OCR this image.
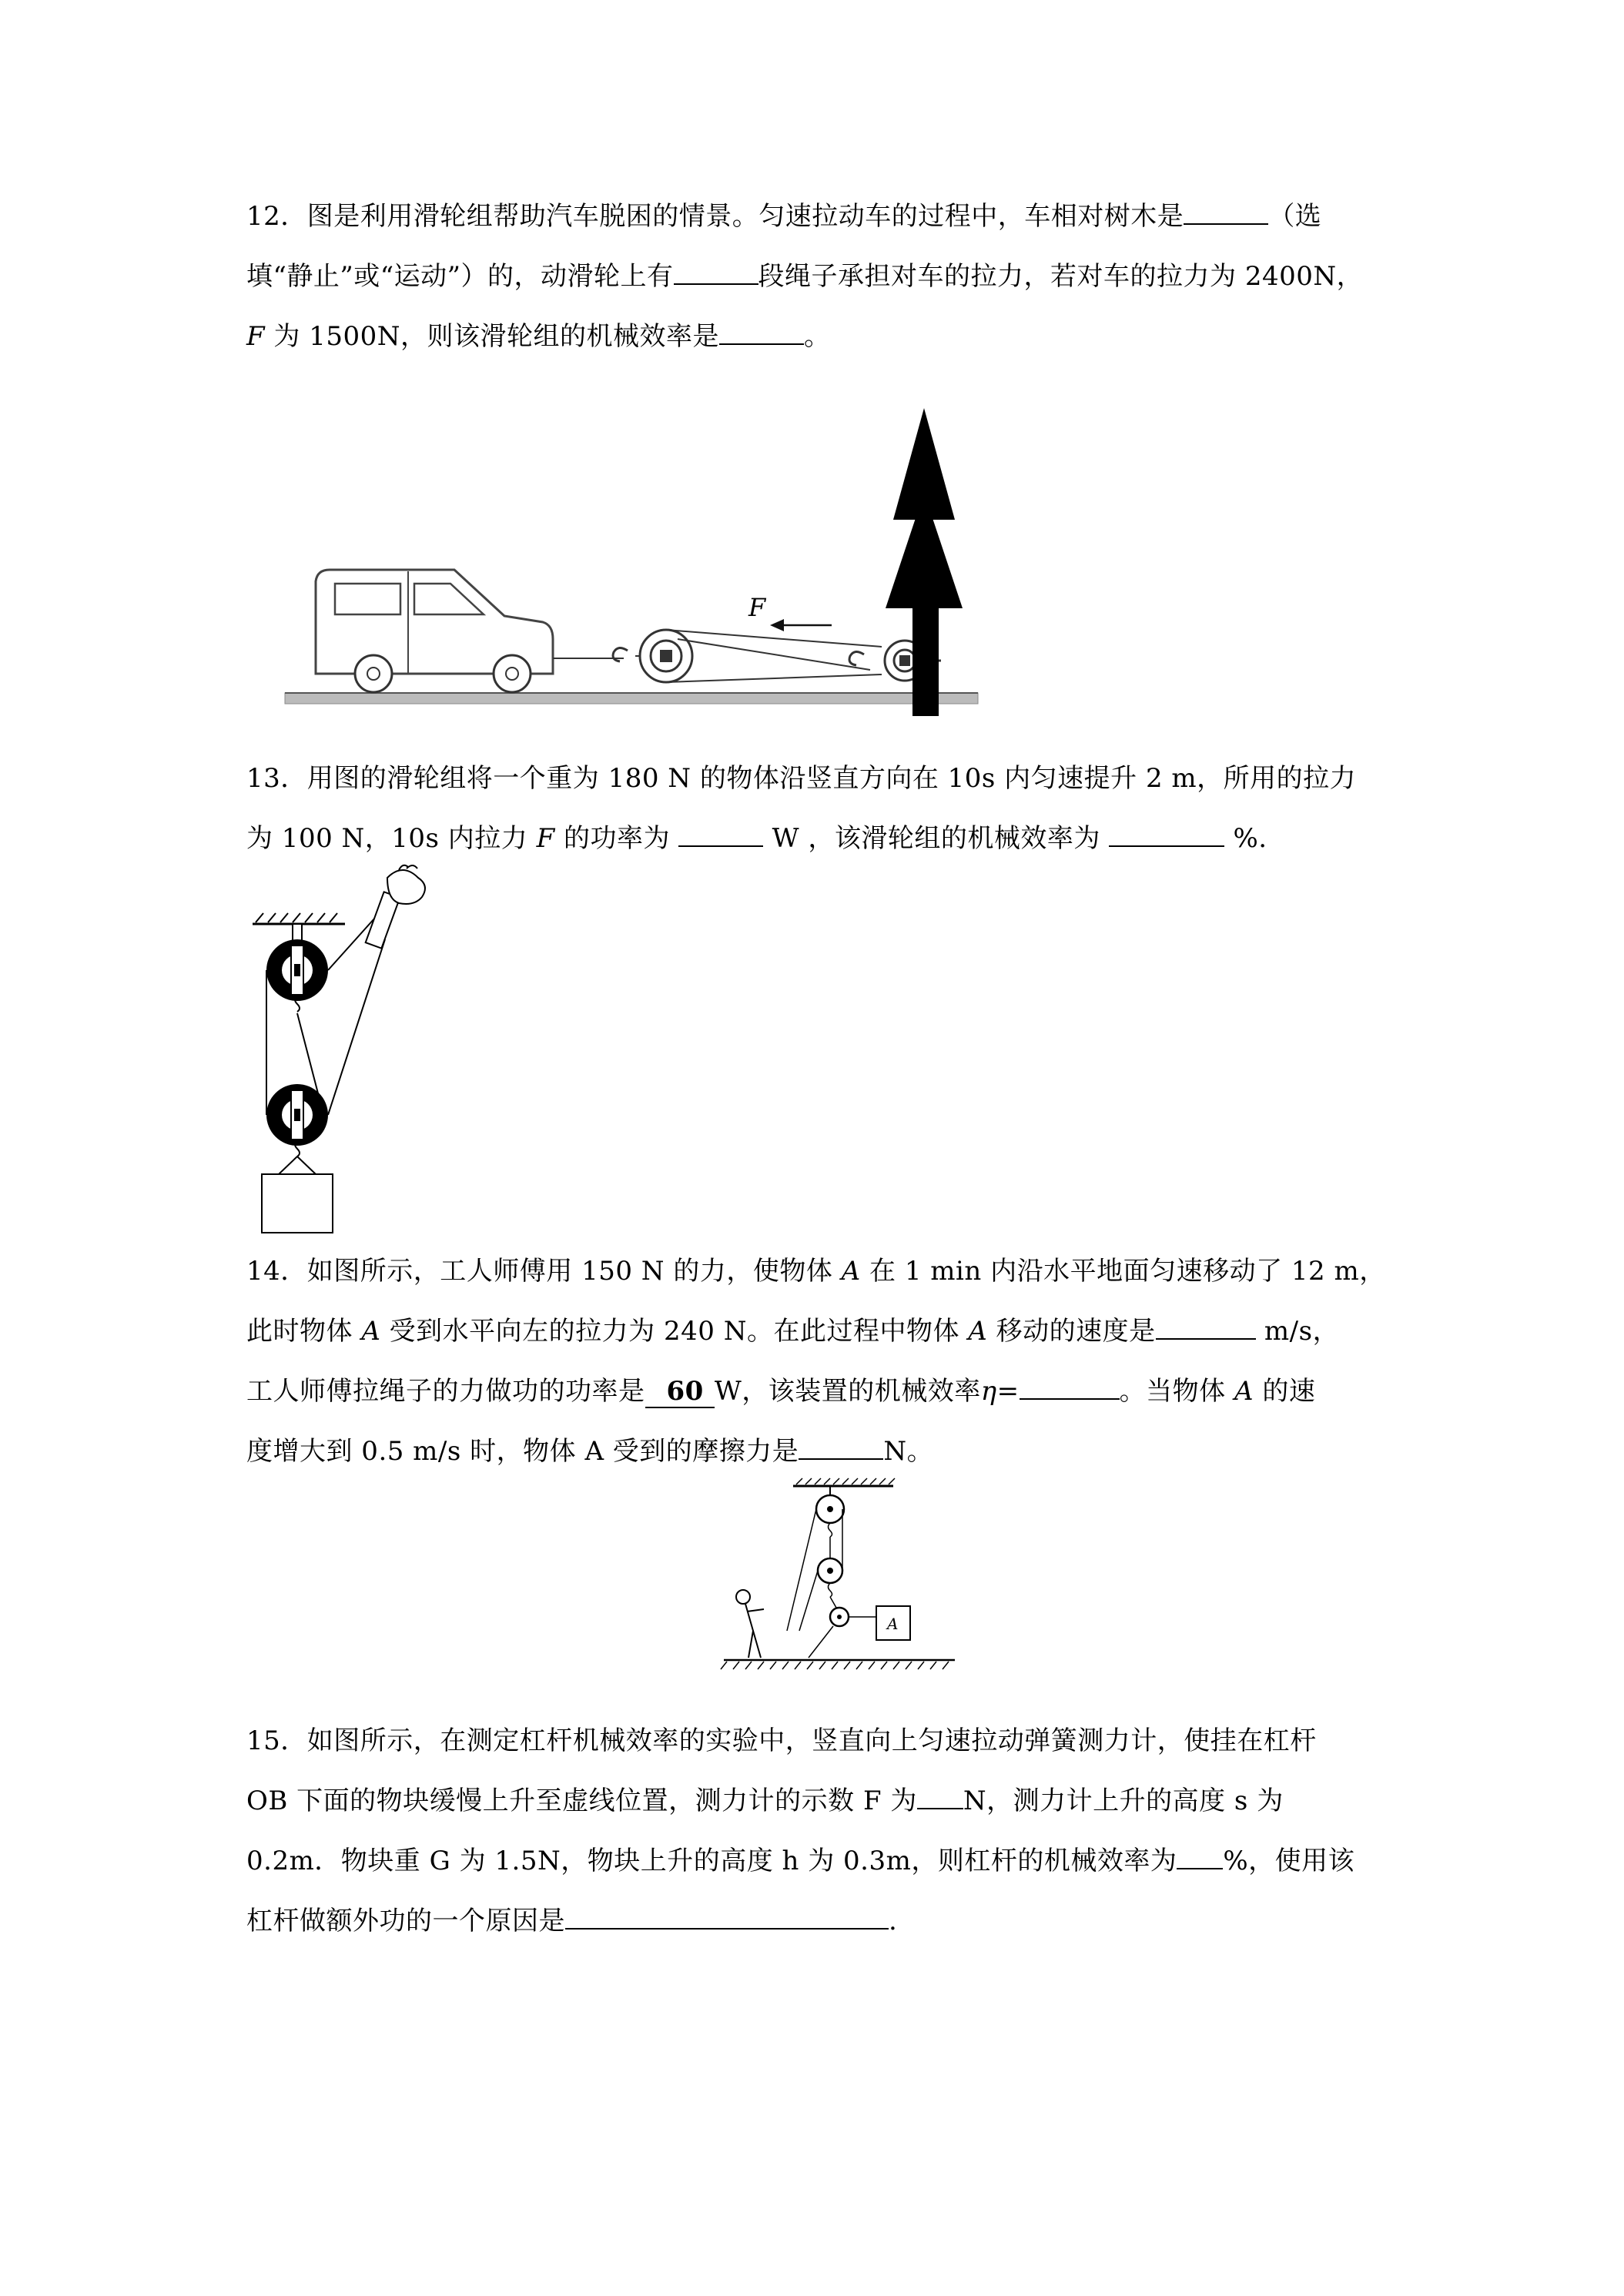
12．图是利用滑轮组帮助汽车脱困的情景。匀速拉动车的过程中，车相对树木是	（选
填“静止”或“运动”）的，动滑轮上有	段绳子承担对车的拉力，若对车的拉力为 2400N，
F 为 1500N，则该滑轮组的机械效率是	。
F
13．用图的滑轮组将一个重为 180 N 的物体沿竖直方向在 10s 内匀速提升 2 m，所用的拉力
为 100 N，10s 内拉力 F 的功率为	W ，该滑轮组的机械效率为	%.
14．如图所示，工人师傅用 150 N 的力，使物体 A 在 1 min 内沿水平地面匀速移动了 12 m，
此时物体 A 受到水平向左的拉力为 240 N。在此过程中物体 A 移动的速度是	m/s，
工人师傅拉绳子的力做功的功率是 60 W，该装置的机械效率η=	。当物体 A 的速
度增大到 0.5 m/s 时，物体 A 受到的摩擦力是	N。
A
15．如图所示，在测定杠杆机械效率的实验中，竖直向上匀速拉动弹簧测力计，使挂在杠杆
OB 下面的物块缓慢上升至虚线位置，测力计的示数 F 为 N，测力计上升的高度 s 为
0.2m．物块重 G 为 1.5N，物块上升的高度 h 为 0.3m，则杠杆的机械效率为 %，使用该
杠杆做额外功的一个原因是	.
